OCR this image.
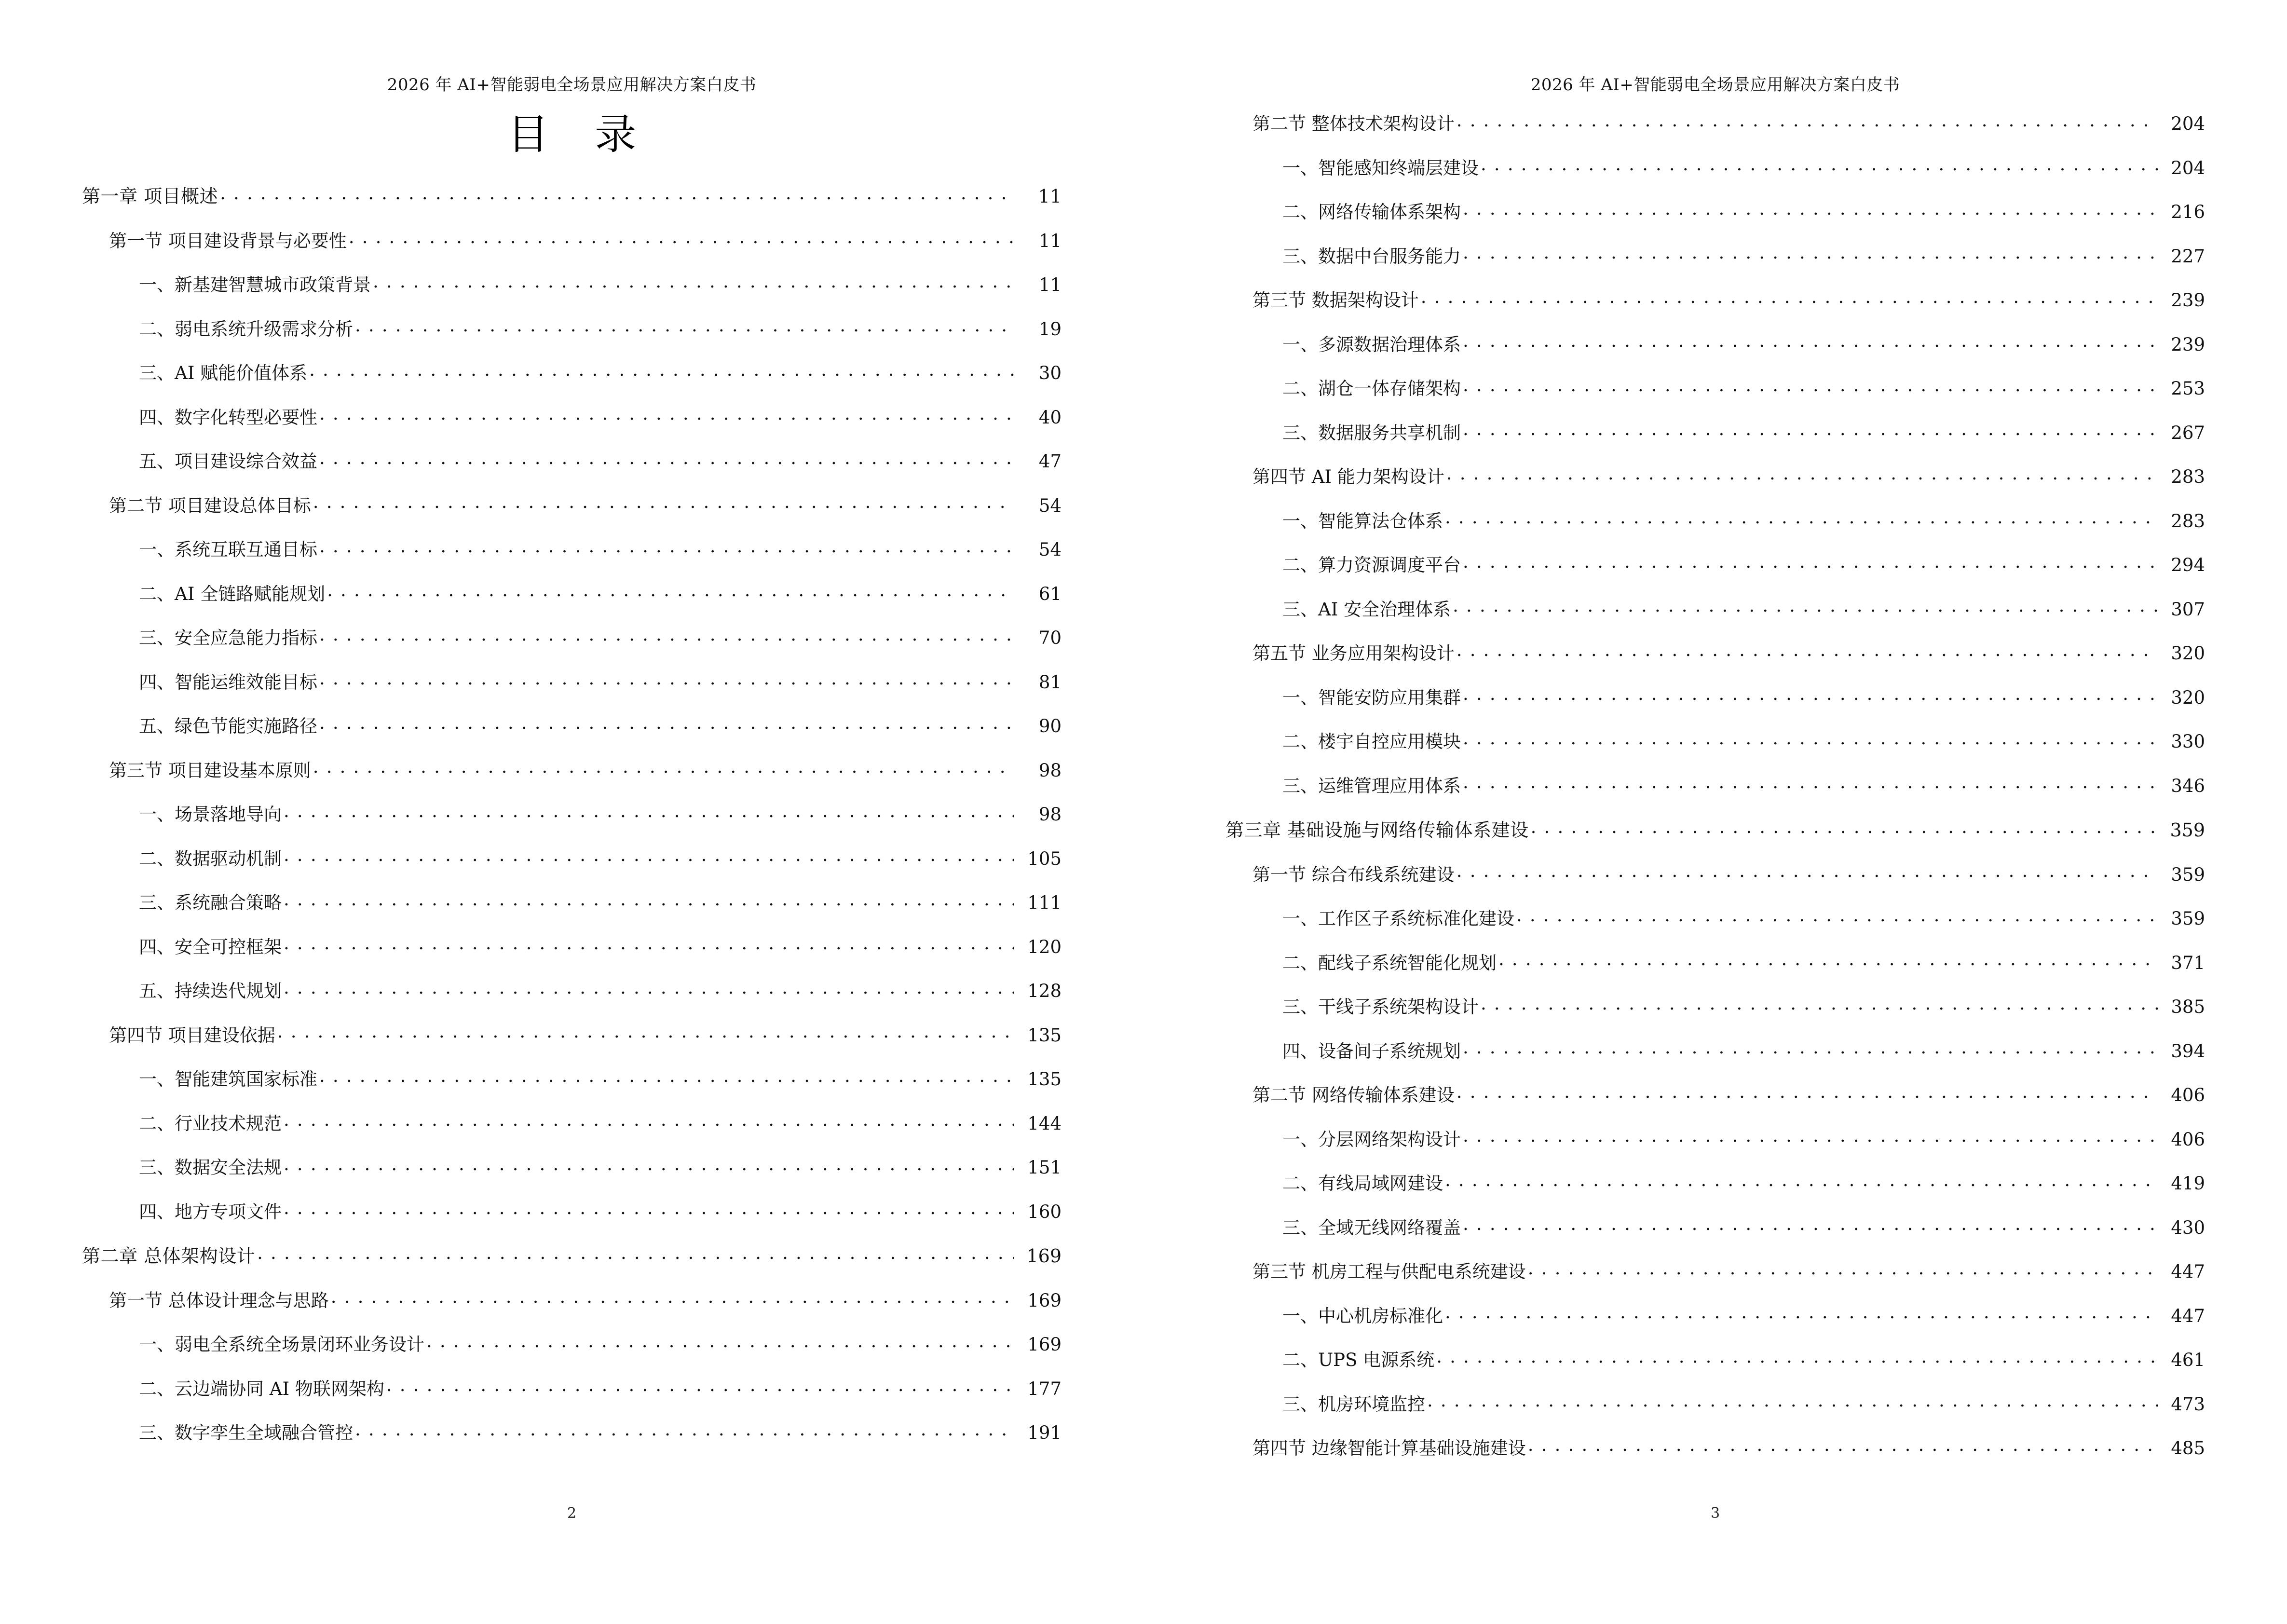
2026 年 AI+智能弱电全场景应用解决方案白皮书
目 录
第一章 项目概述 . . .	11
第一节 项目建设背景与必要性 . . .	11
一、新基建智慧城市政策背景 . . .	11
二、弱电系统升级需求分析 . . .	19
三、AI 赋能价值体系 . . .	30
四、数字化转型必要性 . . .	40
五、项目建设综合效益 . . .	47
第二节 项目建设总体目标 . . .	54
一、系统互联互通目标 . . .	54
二、AI 全链路赋能规划 . . .	61
三、安全应急能力指标 . . .	70
四、智能运维效能目标 . . .	81
五、绿色节能实施路径 . . .	90
第三节 项目建设基本原则 . . .	98
一、场景落地导向 . . .	98
二、数据驱动机制 . . .	105
三、系统融合策略 . . .	111
四、安全可控框架 . . .	120
五、持续迭代规划 . . .	128
第四节 项目建设依据 . . .	135
一、智能建筑国家标准 . . .	135
二、行业技术规范 . . .	144
三、数据安全法规 . . .	151
四、地方专项文件 . . .	160
第二章 总体架构设计 . . .	169
第一节 总体设计理念与思路 . . .	169
一、弱电全系统全场景闭环业务设计 . . .	169
二、云边端协同 AI 物联网架构 . . .	177
三、数字孪生全域融合管控 . . .	191
2
2026 年 AI+智能弱电全场景应用解决方案白皮书
第二节 整体技术架构设计 . . .	204
一、智能感知终端层建设 . . .	204
二、网络传输体系架构 . . .	216
三、数据中台服务能力 . . .	227
第三节 数据架构设计 . . .	239
一、多源数据治理体系 . . .	239
二、湖仓一体存储架构 . . .	253
三、数据服务共享机制 . . .	267
第四节 AI 能力架构设计 . . .	283
一、智能算法仓体系 . . .	283
二、算力资源调度平台 . . .	294
三、AI 安全治理体系 . . .	307
第五节 业务应用架构设计 . . .	320
一、智能安防应用集群 . . .	320
二、楼宇自控应用模块 . . .	330
三、运维管理应用体系 . . .	346
第三章 基础设施与网络传输体系建设 . . .	359
第一节 综合布线系统建设 . . .	359
一、工作区子系统标准化建设 . . .	359
二、配线子系统智能化规划 . . .	371
三、干线子系统架构设计 . . .	385
四、设备间子系统规划 . . .	394
第二节 网络传输体系建设 . . .	406
一、分层网络架构设计 . . .	406
二、有线局域网建设 . . .	419
三、全域无线网络覆盖 . . .	430
第三节 机房工程与供配电系统建设 . . .	447
一、中心机房标准化 . . .	447
二、UPS 电源系统 . . .	461
三、机房环境监控 . . .	473
第四节 边缘智能计算基础设施建设 . . .	485
3
